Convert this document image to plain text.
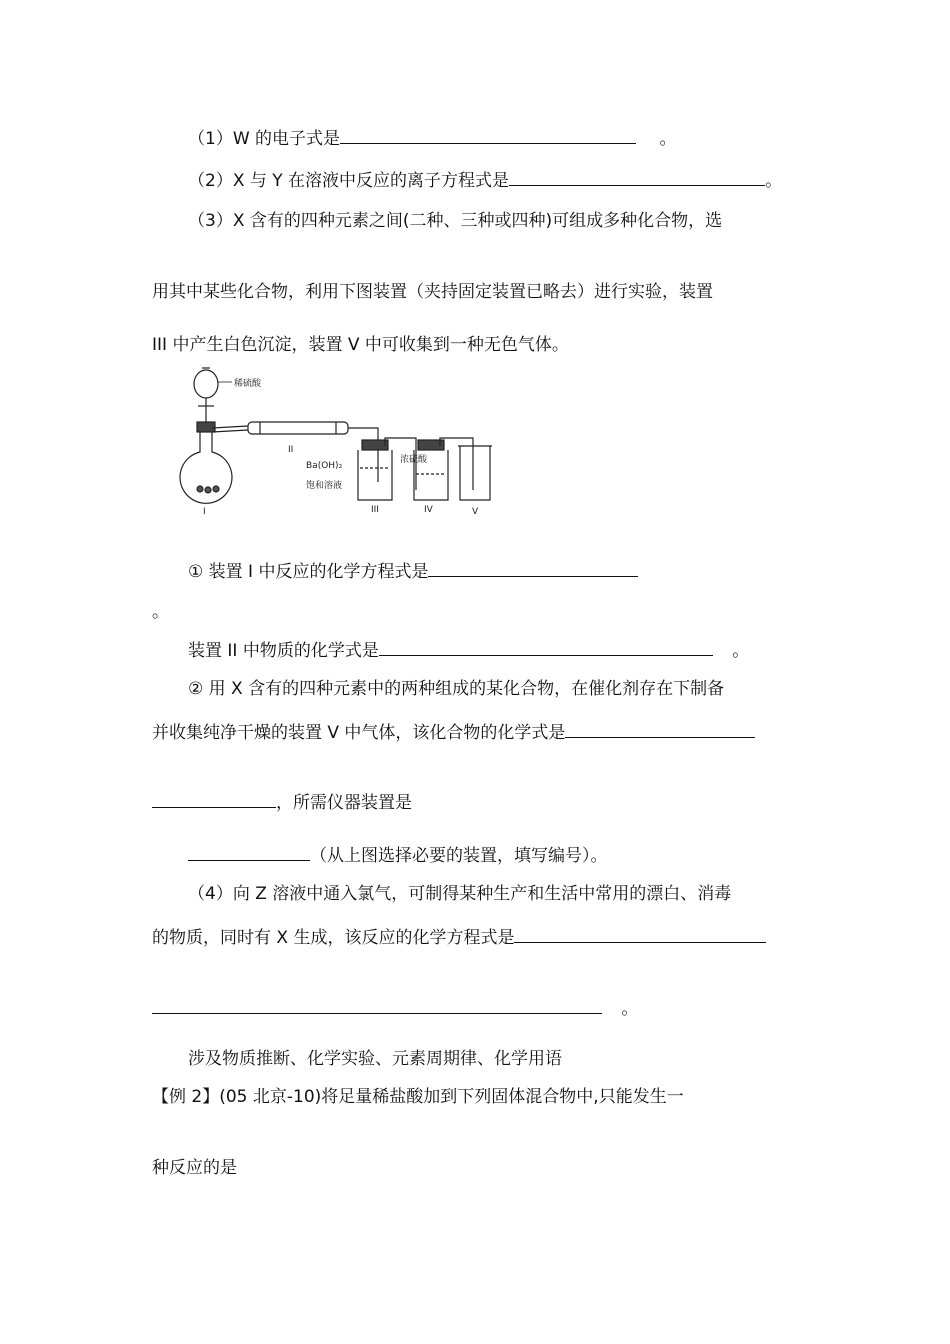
（1）W 的电子式是	。
（2）X 与 Y 在溶液中反应的离子方程式是	。
（3）X 含有的四种元素之间(二种、三种或四种)可组成多种化合物，选
用其中某些化合物，利用下图装置（夹持固定装置已略去）进行实验，装置
III 中产生白色沉淀，装置 V 中可收集到一种无色气体。
稀硫酸
I
II
Ba(OH)₂
饱和溶液
III
浓硫酸
IV	V
① 装置 I 中反应的化学方程式是
。
装置 II 中物质的化学式是	。
② 用 X 含有的四种元素中的两种组成的某化合物，在催化剂存在下制备
并收集纯净干燥的装置 V 中气体，该化合物的化学式是
，所需仪器装置是
（从上图选择必要的装置，填写编号）。
（4）向 Z 溶液中通入氯气，可制得某种生产和生活中常用的漂白、消毒
的物质，同时有 X 生成，该反应的化学方程式是
。
涉及物质推断、化学实验、元素周期律、化学用语
【例 2】(05 北京-10)将足量稀盐酸加到下列固体混合物中,只能发生一
种反应的是
